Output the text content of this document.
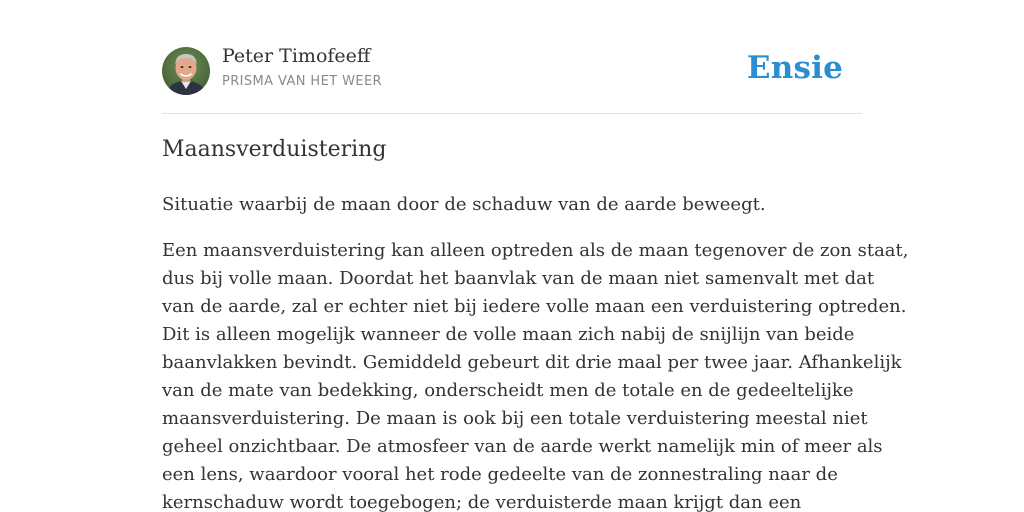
Peter Timofeeff
PRISMA VAN HET WEER	Ensie
Maansverduistering

Situatie waarbij de maan door de schaduw van de aarde beweegt.

Een maansverduistering kan alleen optreden als de maan tegenover de zon staat,
dus bij volle maan. Doordat het baanvlak van de maan niet samenvalt met dat
van de aarde, zal er echter niet bij iedere volle maan een verduistering optreden.
Dit is alleen mogelijk wanneer de volle maan zich nabij de snijlijn van beide
baanvlakken bevindt. Gemiddeld gebeurt dit drie maal per twee jaar. Afhankelijk
van de mate van bedekking, onderscheidt men de totale en de gedeeltelijke
maansverduistering. De maan is ook bij een totale verduistering meestal niet
geheel onzichtbaar. De atmosfeer van de aarde werkt namelijk min of meer als
een lens, waardoor vooral het rode gedeelte van de zonnestraling naar de
kernschaduw wordt toegebogen; de verduisterde maan krijgt dan een
